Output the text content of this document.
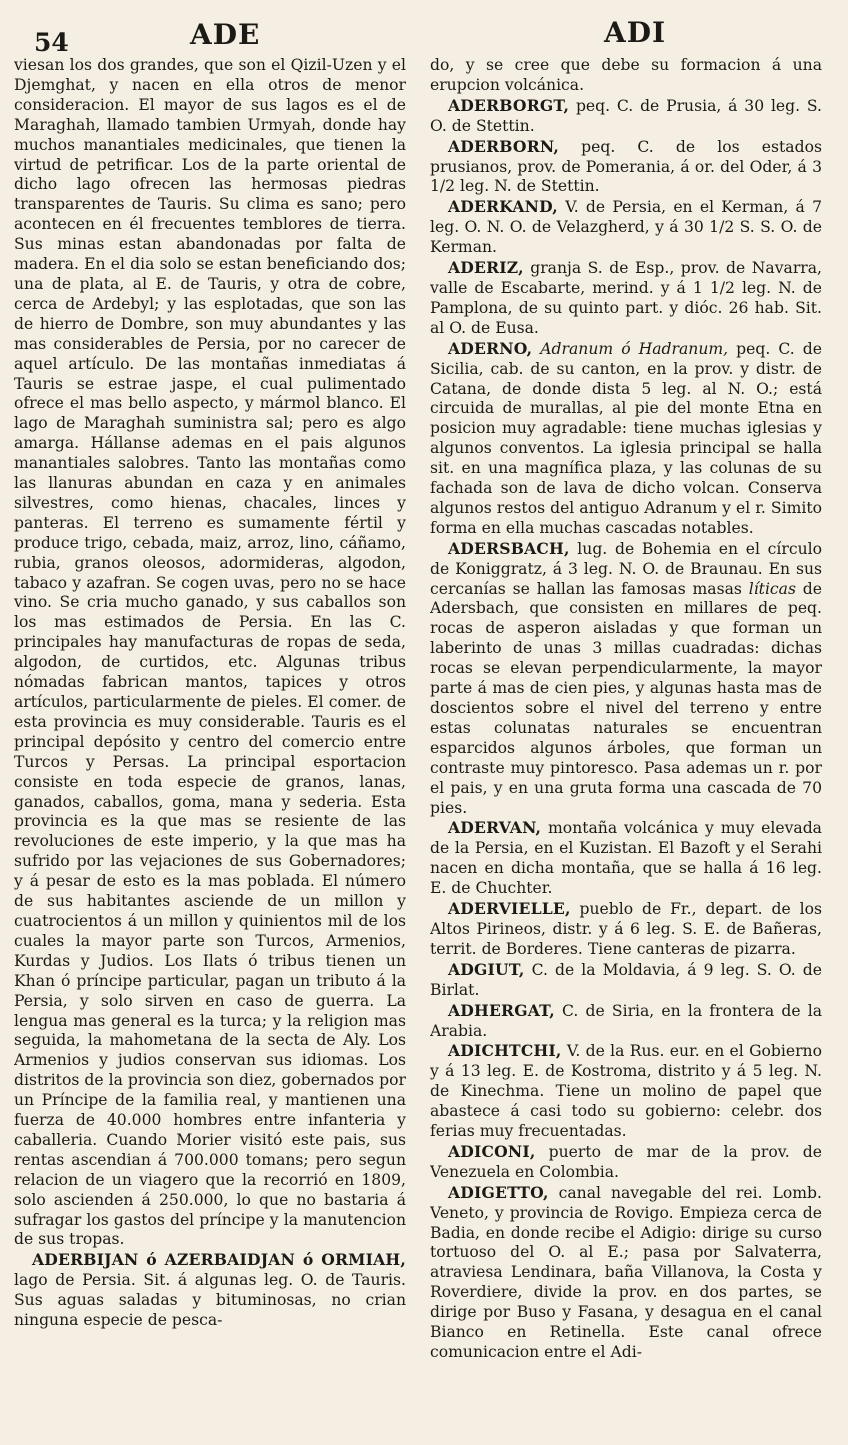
54	ADE	ADI

viesan los dos grandes, que son el Qizil-Uzen y el Djemghat, y nacen en ella otros de menor consideracion. El mayor de sus lagos es el de Maraghah, llamado tambien Urmyah, donde hay muchos manantiales medicinales, que tienen la virtud de petrificar. Los de la parte oriental de dicho lago ofrecen las hermosas piedras transparentes de Tauris. Su clima es sano; pero acontecen en él frecuentes temblores de tierra. Sus minas estan abandonadas por falta de madera. En el dia solo se estan beneficiando dos; una de plata, al E. de Tauris, y otra de cobre, cerca de Ardebyl; y las esplotadas, que son las de hierro de Dombre, son muy abundantes y las mas considerables de Persia, por no carecer de aquel artículo. De las montañas inmediatas á Tauris se estrae jaspe, el cual pulimentado ofrece el mas bello aspecto, y mármol blanco. El lago de Maraghah suministra sal; pero es algo amarga. Hállanse ademas en el pais algunos manantiales salobres. Tanto las montañas como las llanuras abundan en caza y en animales silvestres, como hienas, chacales, linces y panteras. El terreno es sumamente fértil y produce trigo, cebada, maiz, arroz, lino, cáñamo, rubia, granos oleosos, adormideras, algodon, tabaco y azafran. Se cogen uvas, pero no se hace vino. Se cria mucho ganado, y sus caballos son los mas estimados de Persia. En las C. principales hay manufacturas de ropas de seda, algodon, de curtidos, etc. Algunas tribus nómadas fabrican mantos, tapices y otros artículos, particularmente de pieles. El comer. de esta provincia es muy considerable. Tauris es el principal depósito y centro del comercio entre Turcos y Persas. La principal esportacion consiste en toda especie de granos, lanas, ganados, caballos, goma, mana y sederia. Esta provincia es la que mas se resiente de las revoluciones de este imperio, y la que mas ha sufrido por las vejaciones de sus Gobernadores; y á pesar de esto es la mas poblada. El número de sus habitantes asciende de un millon y cuatrocientos á un millon y quinientos mil de los cuales la mayor parte son Turcos, Armenios, Kurdas y Judios. Los Ilats ó tribus tienen un Khan ó príncipe particular, pagan un tributo á la Persia, y solo sirven en caso de guerra. La lengua mas general es la turca; y la religion mas seguida, la mahometana de la secta de Aly. Los Armenios y judios conservan sus idiomas. Los distritos de la provincia son diez, gobernados por un Príncipe de la familia real, y mantienen una fuerza de 40.000 hombres entre infanteria y caballeria. Cuando Morier visitó este pais, sus rentas ascendian á 700.000 tomans; pero segun relacion de un viagero que la recorrió en 1809, solo ascienden á 250.000, lo que no bastaria á sufragar los gastos del príncipe y la manutencion de sus tropas.

ADERBIJAN ó AZERBAIDJAN ó ORMIAH, lago de Persia. Sit. á algunas leg. O. de Tauris. Sus aguas saladas y bituminosas, no crian ninguna especie de pesca-

do, y se cree que debe su formacion á una erupcion volcánica.

ADERBORGT, peq. C. de Prusia, á 30 leg. S. O. de Stettin.

ADERBORN, peq. C. de los estados prusianos, prov. de Pomerania, á or. del Oder, á 3 1/2 leg. N. de Stettin.

ADERKAND, V. de Persia, en el Kerman, á 7 leg. O. N. O. de Velazgherd, y á 30 1/2 S. S. O. de Kerman.

ADERIZ, granja S. de Esp., prov. de Navarra, valle de Escabarte, merind. y á 1 1/2 leg. N. de Pamplona, de su quinto part. y dióc. 26 hab. Sit. al O. de Eusa.

ADERNO, Adranum ó Hadranum, peq. C. de Sicilia, cab. de su canton, en la prov. y distr. de Catana, de donde dista 5 leg. al N. O.; está circuida de murallas, al pie del monte Etna en posicion muy agradable: tiene muchas iglesias y algunos conventos. La iglesia principal se halla sit. en una magnífica plaza, y las colunas de su fachada son de lava de dicho volcan. Conserva algunos restos del antiguo Adranum y el r. Simito forma en ella muchas cascadas notables.

ADERSBACH, lug. de Bohemia en el círculo de Koniggratz, á 3 leg. N. O. de Braunau. En sus cercanías se hallan las famosas masas líticas de Adersbach, que consisten en millares de peq. rocas de asperon aisladas y que forman un laberinto de unas 3 millas cuadradas: dichas rocas se elevan perpendicularmente, la mayor parte á mas de cien pies, y algunas hasta mas de doscientos sobre el nivel del terreno y entre estas colunatas naturales se encuentran esparcidos algunos árboles, que forman un contraste muy pintoresco. Pasa ademas un r. por el pais, y en una gruta forma una cascada de 70 pies.

ADERVAN, montaña volcánica y muy elevada de la Persia, en el Kuzistan. El Bazoft y el Serahi nacen en dicha montaña, que se halla á 16 leg. E. de Chuchter.

ADERVIELLE, pueblo de Fr., depart. de los Altos Pirineos, distr. y á 6 leg. S. E. de Bañeras, territ. de Borderes. Tiene canteras de pizarra.

ADGIUT, C. de la Moldavia, á 9 leg. S. O. de Birlat.

ADHERGAT, C. de Siria, en la frontera de la Arabia.

ADICHTCHI, V. de la Rus. eur. en el Gobierno y á 13 leg. E. de Kostroma, distrito y á 5 leg. N. de Kinechma. Tiene un molino de papel que abastece á casi todo su gobierno: celebr. dos ferias muy frecuentadas.

ADICONI, puerto de mar de la prov. de Venezuela en Colombia.

ADIGETTO, canal navegable del rei. Lomb. Veneto, y provincia de Rovigo. Empieza cerca de Badia, en donde recibe el Adigio: dirige su curso tortuoso del O. al E.; pasa por Salvaterra, atraviesa Lendinara, baña Villanova, la Costa y Roverdiere, divide la prov. en dos partes, se dirige por Buso y Fasana, y desagua en el canal Bianco en Retinella. Este canal ofrece comunicacion entre el Adi-
